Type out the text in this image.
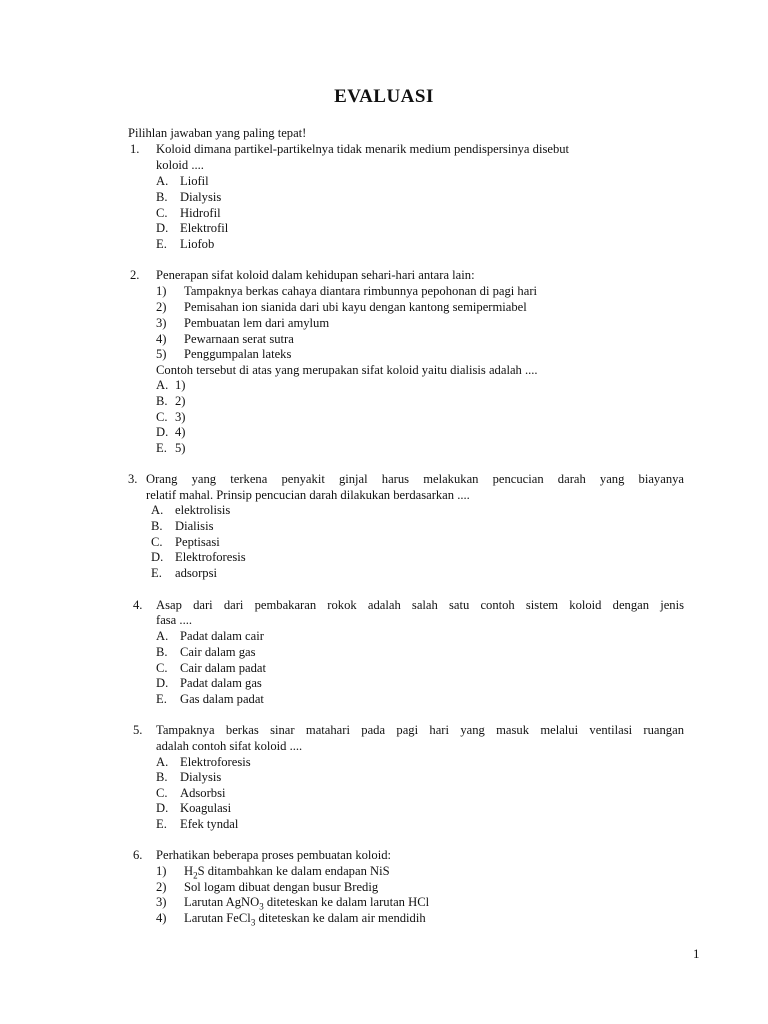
EVALUASI
Pilihlan jawaban yang paling tepat!
1. Koloid dimana partikel-partikelnya tidak menarik medium pendispersinya disebut
koloid ....
A. Liofil
B. Dialysis
C. Hidrofil
D. Elektrofil
E. Liofob
2. Penerapan sifat koloid dalam kehidupan sehari-hari antara lain:
1) Tampaknya berkas cahaya diantara rimbunnya pepohonan di pagi hari
2) Pemisahan ion sianida dari ubi kayu dengan kantong semipermiabel
3) Pembuatan lem dari amylum
4) Pewarnaan serat sutra
5) Penggumpalan lateks
Contoh tersebut di atas yang merupakan sifat koloid yaitu dialisis adalah ....
A. 1)
B. 2)
C. 3)
D. 4)
E. 5)
3. Orang yang terkena penyakit ginjal harus melakukan pencucian darah yang biayanya
relatif mahal. Prinsip pencucian darah dilakukan berdasarkan ....
A. elektrolisis
B. Dialisis
C. Peptisasi
D. Elektroforesis
E. adsorpsi
4. Asap dari dari pembakaran rokok adalah salah satu contoh sistem koloid dengan jenis
fasa ....
A. Padat dalam cair
B. Cair dalam gas
C. Cair dalam padat
D. Padat dalam gas
E. Gas dalam padat
5. Tampaknya berkas sinar matahari pada pagi hari yang masuk melalui ventilasi ruangan
adalah contoh sifat koloid ....
A. Elektroforesis
B. Dialysis
C. Adsorbsi
D. Koagulasi
E. Efek tyndal
6. Perhatikan beberapa proses pembuatan koloid:
1) $H_2S$ ditambahkan ke dalam endapan NiS
2) Sol logam dibuat dengan busur Bredig
3) Larutan AgNO$_3$ diteteskan ke dalam larutan HCl
4) Larutan FeCl$_3$ diteteskan ke dalam air mendidih
1
